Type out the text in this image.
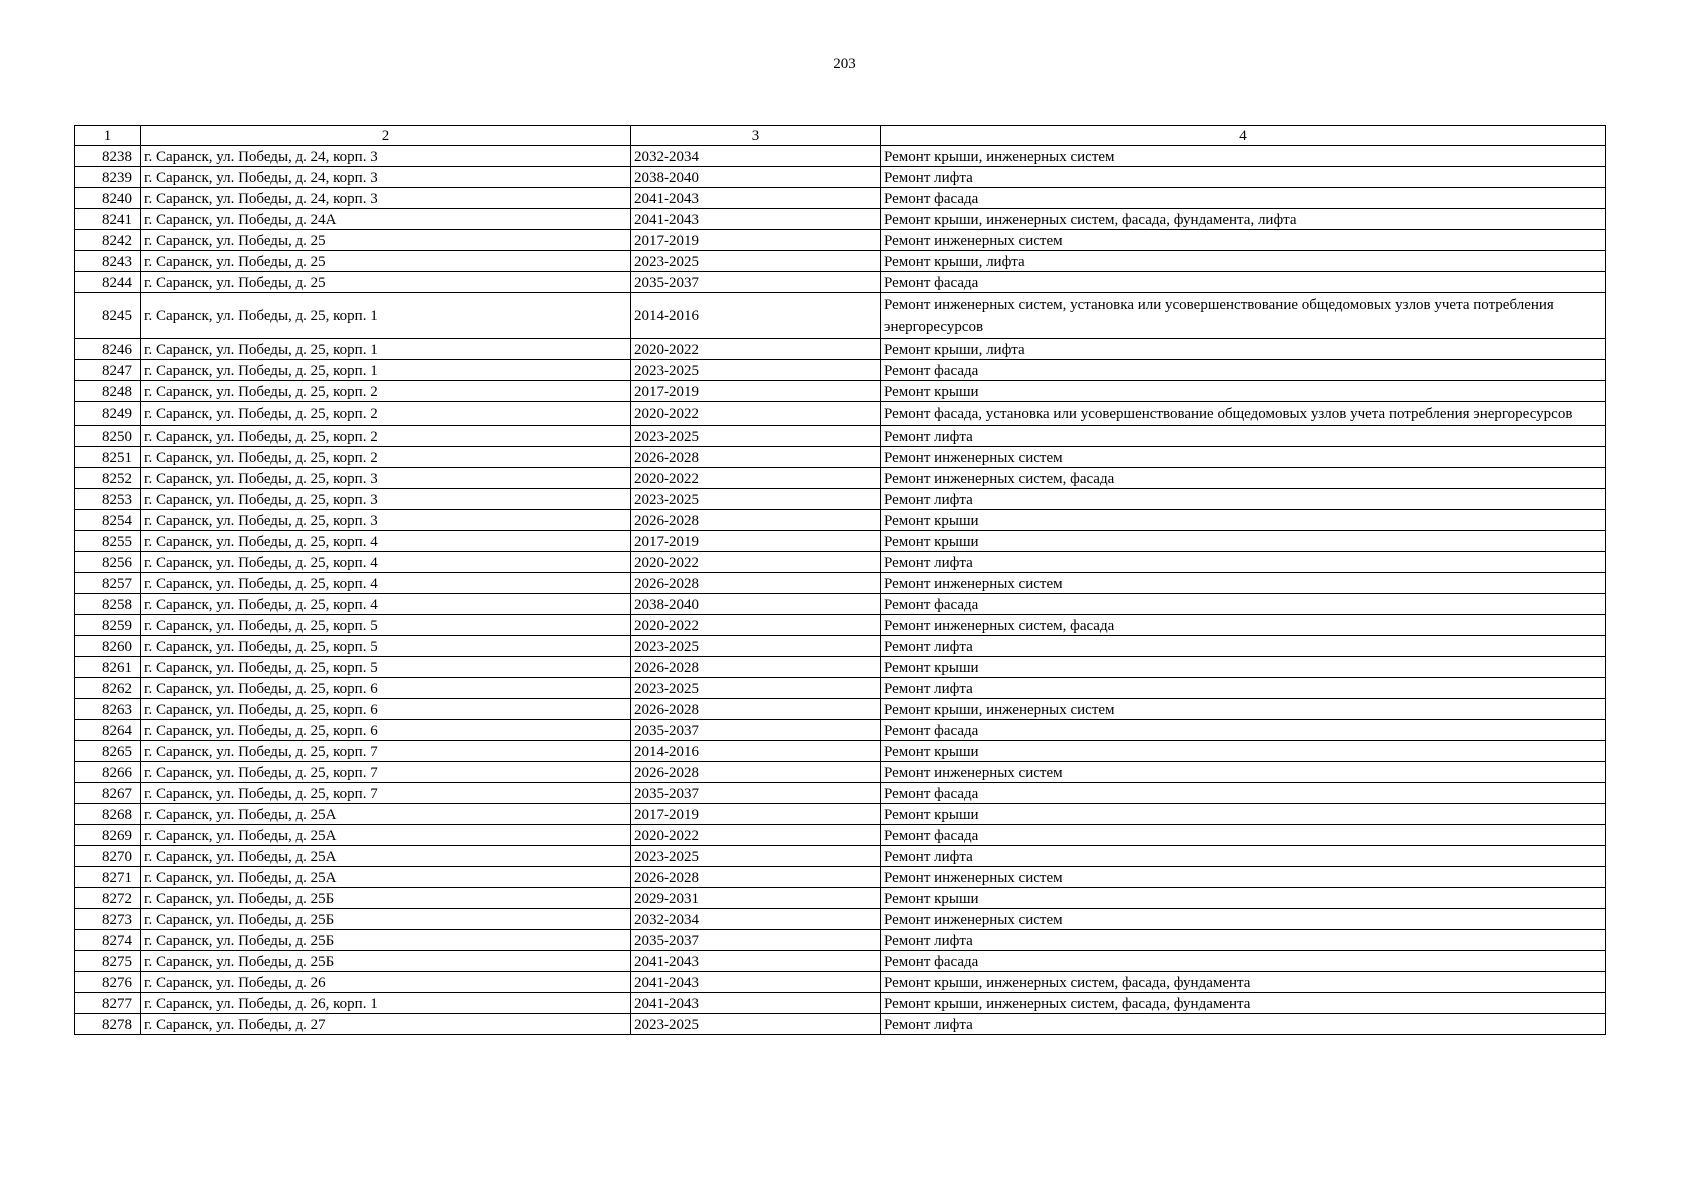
203
1	2	3	4
8238	г. Саранск, ул. Победы, д. 24, корп. 3	2032-2034	Ремонт крыши, инженерных систем
8239	г. Саранск, ул. Победы, д. 24, корп. 3	2038-2040	Ремонт лифта
8240	г. Саранск, ул. Победы, д. 24, корп. 3	2041-2043	Ремонт фасада
8241	г. Саранск, ул. Победы, д. 24А	2041-2043	Ремонт крыши, инженерных систем, фасада, фундамента, лифта
8242	г. Саранск, ул. Победы, д. 25	2017-2019	Ремонт инженерных систем
8243	г. Саранск, ул. Победы, д. 25	2023-2025	Ремонт крыши, лифта
8244	г. Саранск, ул. Победы, д. 25	2035-2037	Ремонт фасада
8245	г. Саранск, ул. Победы, д. 25, корп. 1	2014-2016	Ремонт инженерных систем, установка или усовершенствование общедомовых узлов учета потребления энергоресурсов
8246	г. Саранск, ул. Победы, д. 25, корп. 1	2020-2022	Ремонт крыши, лифта
8247	г. Саранск, ул. Победы, д. 25, корп. 1	2023-2025	Ремонт фасада
8248	г. Саранск, ул. Победы, д. 25, корп. 2	2017-2019	Ремонт крыши
8249	г. Саранск, ул. Победы, д. 25, корп. 2	2020-2022	Ремонт фасада, установка или усовершенствование общедомовых узлов учета потребления энергоресурсов
8250	г. Саранск, ул. Победы, д. 25, корп. 2	2023-2025	Ремонт лифта
8251	г. Саранск, ул. Победы, д. 25, корп. 2	2026-2028	Ремонт инженерных систем
8252	г. Саранск, ул. Победы, д. 25, корп. 3	2020-2022	Ремонт инженерных систем, фасада
8253	г. Саранск, ул. Победы, д. 25, корп. 3	2023-2025	Ремонт лифта
8254	г. Саранск, ул. Победы, д. 25, корп. 3	2026-2028	Ремонт крыши
8255	г. Саранск, ул. Победы, д. 25, корп. 4	2017-2019	Ремонт крыши
8256	г. Саранск, ул. Победы, д. 25, корп. 4	2020-2022	Ремонт лифта
8257	г. Саранск, ул. Победы, д. 25, корп. 4	2026-2028	Ремонт инженерных систем
8258	г. Саранск, ул. Победы, д. 25, корп. 4	2038-2040	Ремонт фасада
8259	г. Саранск, ул. Победы, д. 25, корп. 5	2020-2022	Ремонт инженерных систем, фасада
8260	г. Саранск, ул. Победы, д. 25, корп. 5	2023-2025	Ремонт лифта
8261	г. Саранск, ул. Победы, д. 25, корп. 5	2026-2028	Ремонт крыши
8262	г. Саранск, ул. Победы, д. 25, корп. 6	2023-2025	Ремонт лифта
8263	г. Саранск, ул. Победы, д. 25, корп. 6	2026-2028	Ремонт крыши, инженерных систем
8264	г. Саранск, ул. Победы, д. 25, корп. 6	2035-2037	Ремонт фасада
8265	г. Саранск, ул. Победы, д. 25, корп. 7	2014-2016	Ремонт крыши
8266	г. Саранск, ул. Победы, д. 25, корп. 7	2026-2028	Ремонт инженерных систем
8267	г. Саранск, ул. Победы, д. 25, корп. 7	2035-2037	Ремонт фасада
8268	г. Саранск, ул. Победы, д. 25А	2017-2019	Ремонт крыши
8269	г. Саранск, ул. Победы, д. 25А	2020-2022	Ремонт фасада
8270	г. Саранск, ул. Победы, д. 25А	2023-2025	Ремонт лифта
8271	г. Саранск, ул. Победы, д. 25А	2026-2028	Ремонт инженерных систем
8272	г. Саранск, ул. Победы, д. 25Б	2029-2031	Ремонт крыши
8273	г. Саранск, ул. Победы, д. 25Б	2032-2034	Ремонт инженерных систем
8274	г. Саранск, ул. Победы, д. 25Б	2035-2037	Ремонт лифта
8275	г. Саранск, ул. Победы, д. 25Б	2041-2043	Ремонт фасада
8276	г. Саранск, ул. Победы, д. 26	2041-2043	Ремонт крыши, инженерных систем, фасада, фундамента
8277	г. Саранск, ул. Победы, д. 26, корп. 1	2041-2043	Ремонт крыши, инженерных систем, фасада, фундамента
8278	г. Саранск, ул. Победы, д. 27	2023-2025	Ремонт лифта
